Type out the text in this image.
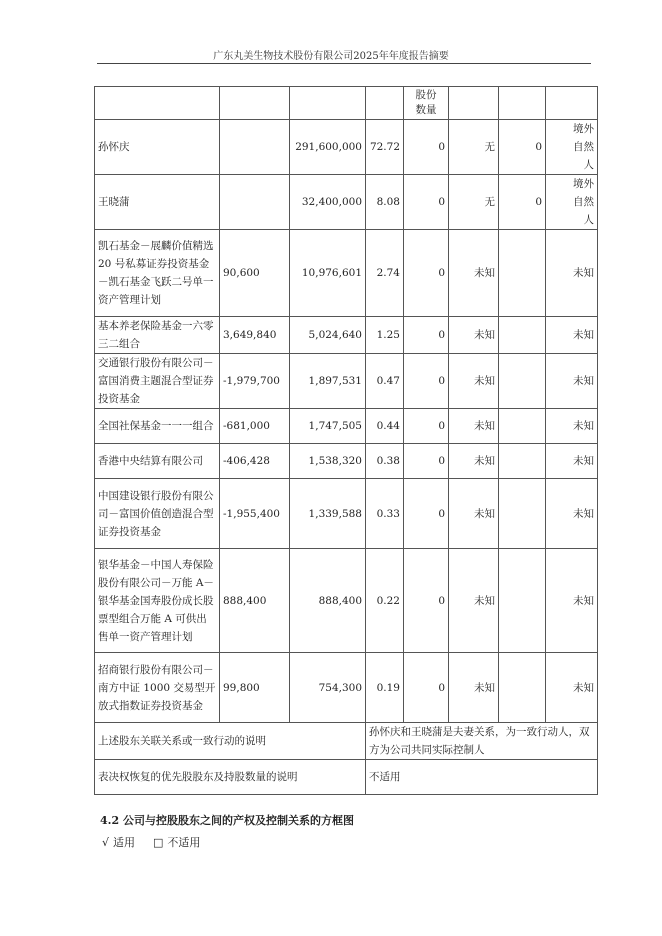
广东丸美生物技术股份有限公司2025年年度报告摘要
				股份
数量			
孙怀庆		291,600,000	72.72	0	无	0	境外
自然
人
王晓蒲		32,400,000	8.08	0	无	0	境外
自然
人
凯石基金－展麟价值精选 20 号私募证券投资基金－凯石基金飞跃二号单一资产管理计划	90,600	10,976,601	2.74	0	未知		未知
基本养老保险基金一六零三二组合	3,649,840	5,024,640	1.25	0	未知		未知
交通银行股份有限公司－富国消费主题混合型证券投资基金	-1,979,700	1,897,531	0.47	0	未知		未知
全国社保基金一一一组合	-681,000	1,747,505	0.44	0	未知		未知
香港中央结算有限公司	-406,428	1,538,320	0.38	0	未知		未知
中国建设银行股份有限公司－富国价值创造混合型证券投资基金	-1,955,400	1,339,588	0.33	0	未知		未知
银华基金－中国人寿保险股份有限公司－万能 A－银华基金国寿股份成长股票型组合万能 A 可供出售单一资产管理计划	888,400	888,400	0.22	0	未知		未知
招商银行股份有限公司－南方中证 1000 交易型开放式指数证券投资基金	99,800	754,300	0.19	0	未知		未知
上述股东关联关系或一致行动的说明			孙怀庆和王晓蒲是夫妻关系，为一致行动人，双方为公司共同实际控制人				
表决权恢复的优先股股东及持股数量的说明			不适用				
4.2 公司与控股股东之间的产权及控制关系的方框图
√ 适用 □ 不适用
